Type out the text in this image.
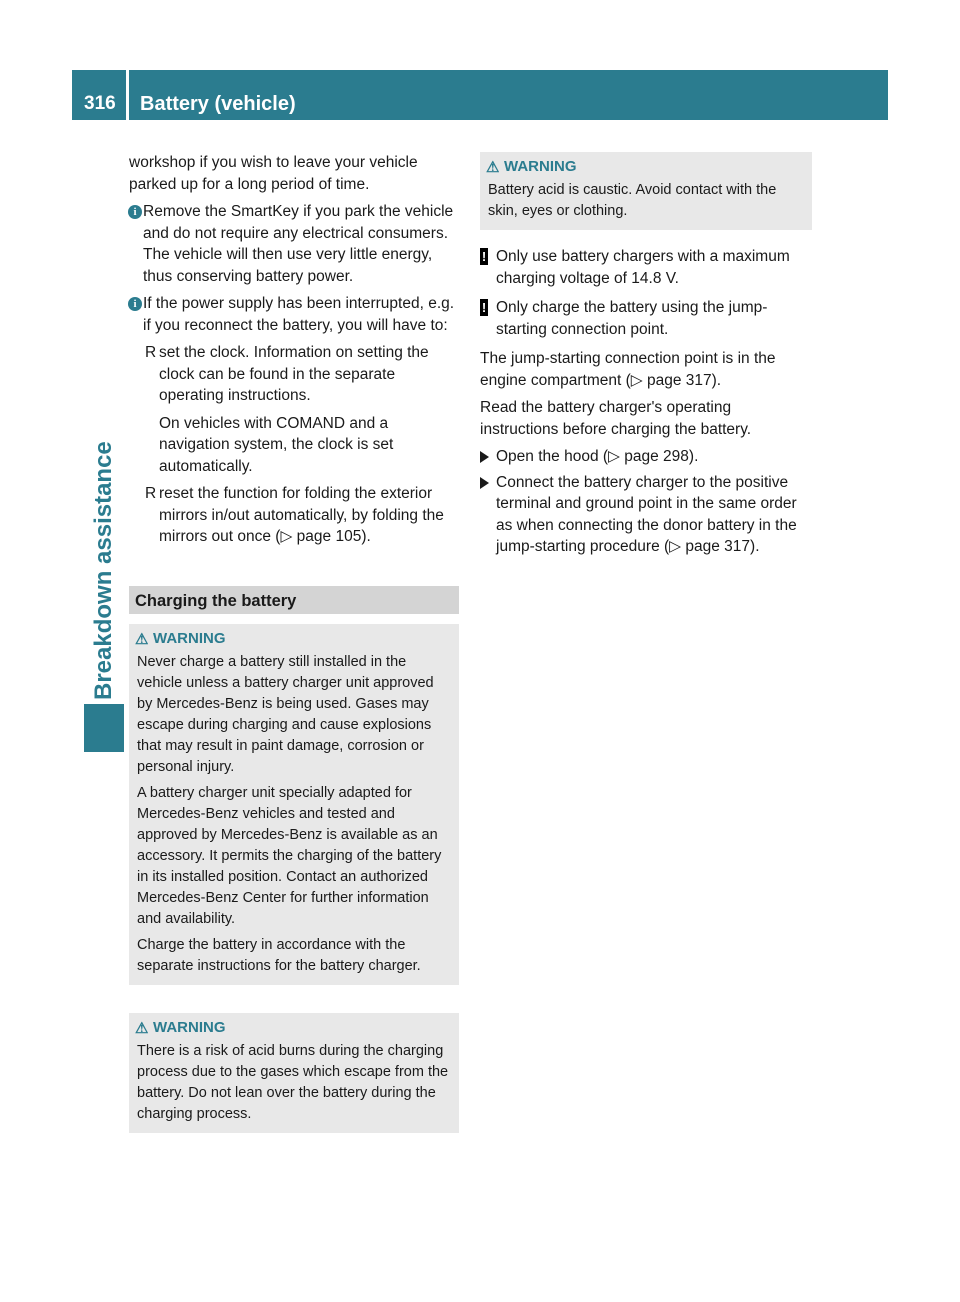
316	Battery (vehicle)
Breakdown assistance

workshop if you wish to leave your vehicle parked up for a long period of time.

i Remove the SmartKey if you park the vehicle and do not require any electrical consumers. The vehicle will then use very little energy, thus conserving battery power.
i If the power supply has been interrupted, e.g. if you reconnect the battery, you will have to:
R set the clock. Information on setting the clock can be found in the separate operating instructions.
On vehicles with COMAND and a navigation system, the clock is set automatically.
R reset the function for folding the exterior mirrors in/out automatically, by folding the mirrors out once (▷ page 105).
Charging the battery
⚠ WARNING

Never charge a battery still installed in the vehicle unless a battery charger unit approved by Mercedes-Benz is being used. Gases may escape during charging and cause explosions that may result in paint damage, corrosion or personal injury.

A battery charger unit specially adapted for Mercedes-Benz vehicles and tested and approved by Mercedes-Benz is available as an accessory. It permits the charging of the battery in its installed position. Contact an authorized Mercedes-Benz Center for further information and availability.

Charge the battery in accordance with the separate instructions for the battery charger.

⚠ WARNING

There is a risk of acid burns during the charging process due to the gases which escape from the battery. Do not lean over the battery during the charging process.

⚠ WARNING

Battery acid is caustic. Avoid contact with the skin, eyes or clothing.

! Only use battery chargers with a maximum charging voltage of 14.8 V.
! Only charge the battery using the jump-starting connection point.

The jump-starting connection point is in the engine compartment (▷ page 317).

Read the battery charger's operating instructions before charging the battery.

Open the hood (▷ page 298).
Connect the battery charger to the positive terminal and ground point in the same order as when connecting the donor battery in the jump-starting procedure (▷ page 317).
